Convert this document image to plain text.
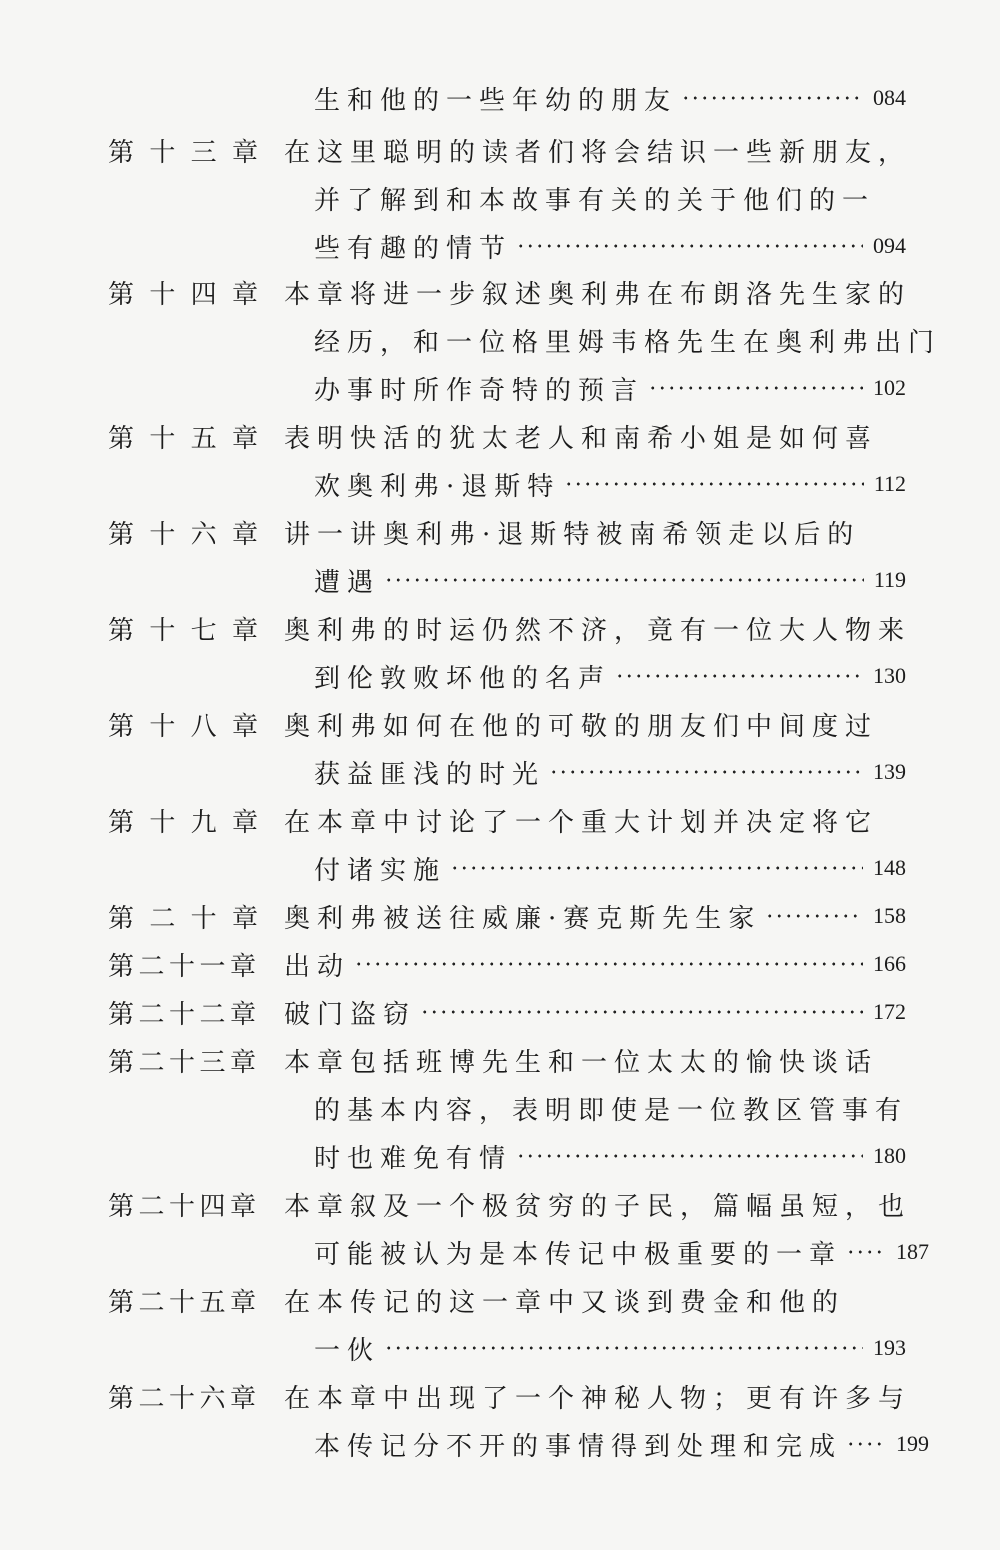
生和他的一些年幼的朋友	084
第 十 三 章 在这里聪明的读者们将会结识一些新朋友，
并了解到和本故事有关的关于他们的一
些有趣的情节	094
第 十 四 章 本章将进一步叙述奥利弗在布朗洛先生家的
经历，和一位格里姆韦格先生在奥利弗出门
办事时所作奇特的预言	102
第 十 五 章 表明快活的犹太老人和南希小姐是如何喜
欢奥利弗·退斯特	112
第 十 六 章 讲一讲奥利弗·退斯特被南希领走以后的
遭遇	119
第 十 七 章 奥利弗的时运仍然不济，竟有一位大人物来
到伦敦败坏他的名声	130
第 十 八 章 奥利弗如何在他的可敬的朋友们中间度过
获益匪浅的时光	139
第 十 九 章 在本章中讨论了一个重大计划并决定将它
付诸实施	148
第 二 十 章 奥利弗被送往威廉·赛克斯先生家	158
第 二 十 一 章 出动	166
第 二 十 二 章 破门盗窃	172
第 二 十 三 章 本章包括班博先生和一位太太的愉快谈话
的基本内容，表明即使是一位教区管事有
时也难免有情	180
第 二 十 四 章 本章叙及一个极贫穷的子民，篇幅虽短，也
可能被认为是本传记中极重要的一章 187
第 二 十 五 章 在本传记的这一章中又谈到费金和他的
一伙	193
第 二 十 六 章 在本章中出现了一个神秘人物；更有许多与
本传记分不开的事情得到处理和完成 199
